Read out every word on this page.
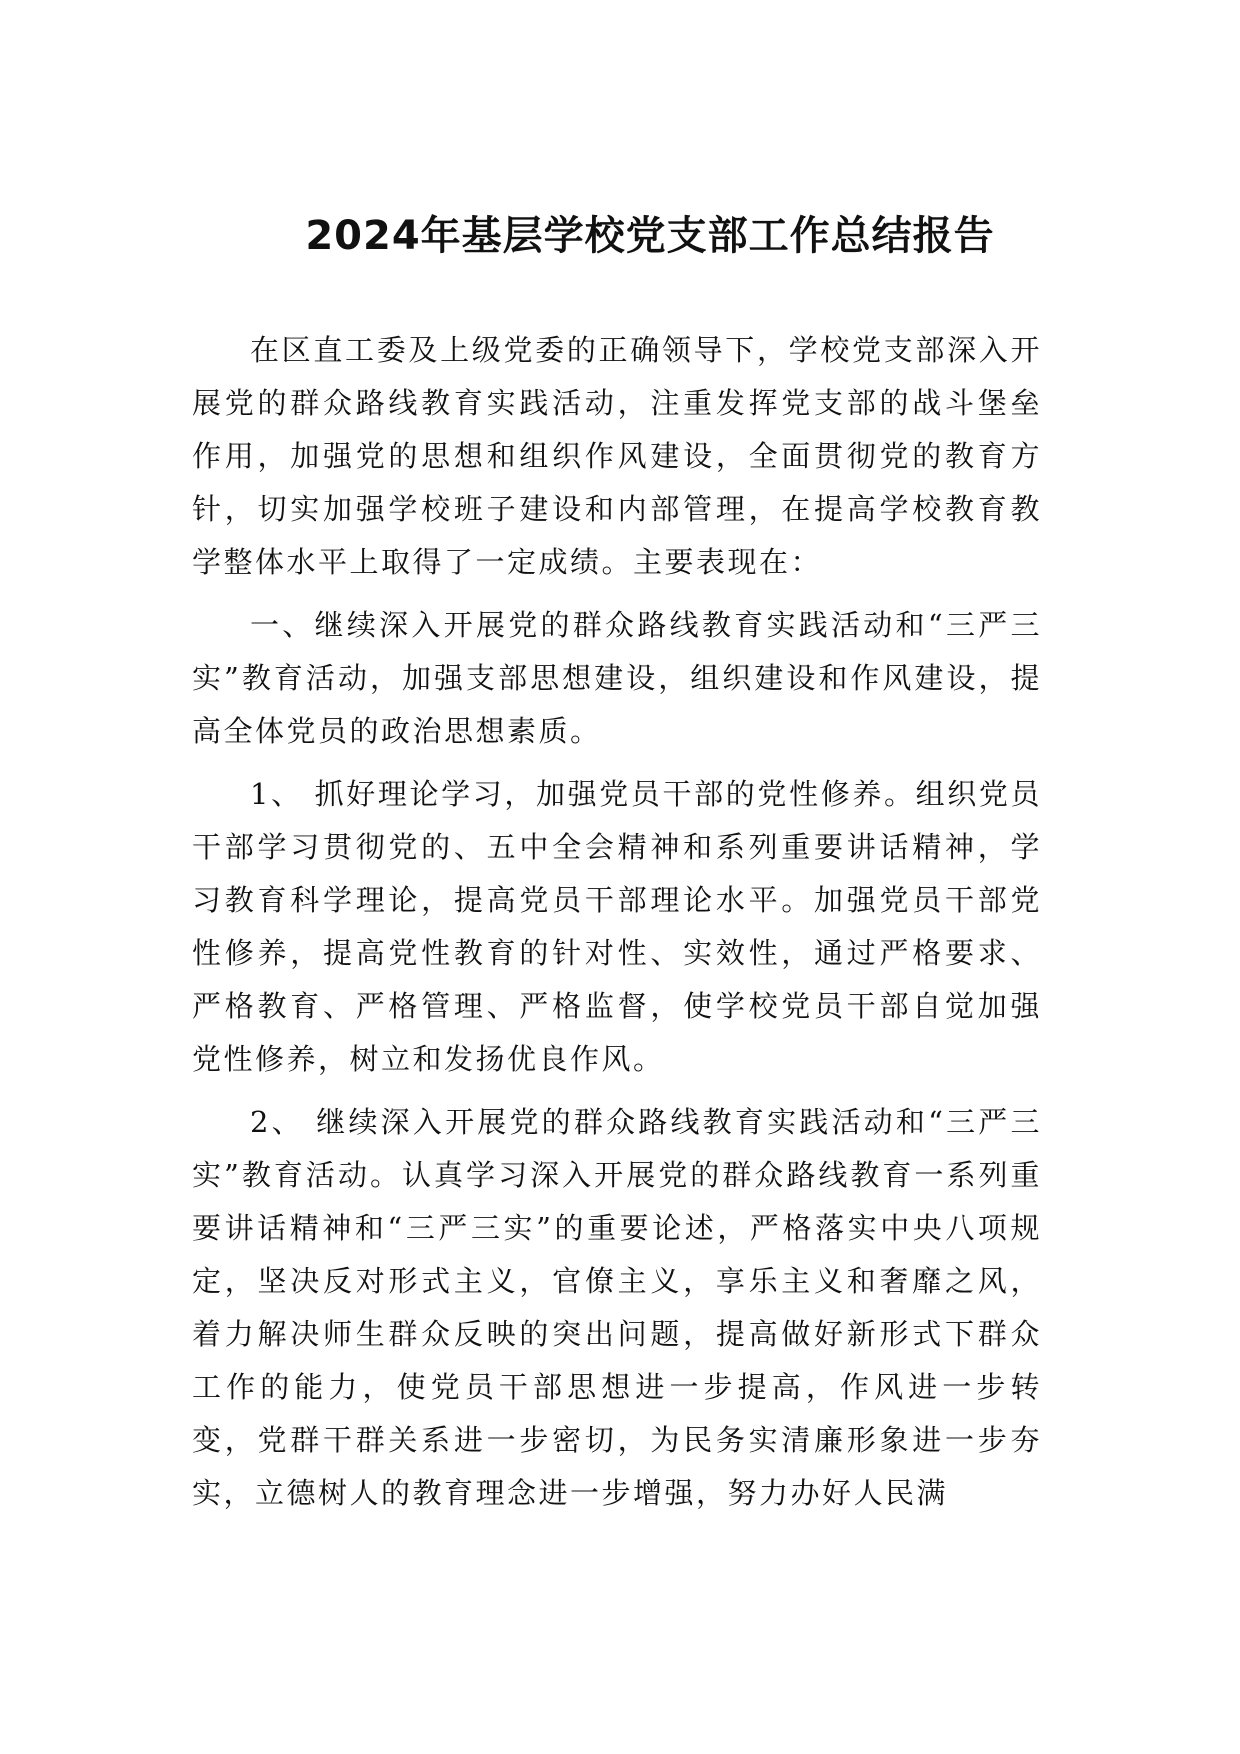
2024年基层学校党支部工作总结报告

在区直工委及上级党委的正确领导下，学校党支部深入开展党的群众路线教育实践活动，注重发挥党支部的战斗堡垒作用，加强党的思想和组织作风建设，全面贯彻党的教育方针，切实加强学校班子建设和内部管理，在提高学校教育教学整体水平上取得了一定成绩。主要表现在：

一、继续深入开展党的群众路线教育实践活动和“三严三实”教育活动，加强支部思想建设，组织建设和作风建设，提高全体党员的政治思想素质。

1、 抓好理论学习，加强党员干部的党性修养。组织党员干部学习贯彻党的、五中全会精神和系列重要讲话精神，学习教育科学理论，提高党员干部理论水平。加强党员干部党性修养，提高党性教育的针对性、实效性，通过严格要求、严格教育、严格管理、严格监督，使学校党员干部自觉加强党性修养，树立和发扬优良作风。

2、 继续深入开展党的群众路线教育实践活动和“三严三实”教育活动。认真学习深入开展党的群众路线教育一系列重要讲话精神和“三严三实”的重要论述，严格落实中央八项规定，坚决反对形式主义，官僚主义，享乐主义和奢靡之风，着力解决师生群众反映的突出问题，提高做好新形式下群众工作的能力，使党员干部思想进一步提高，作风进一步转变，党群干群关系进一步密切，为民务实清廉形象进一步夯实，立德树人的教育理念进一步增强，努力办好人民满
